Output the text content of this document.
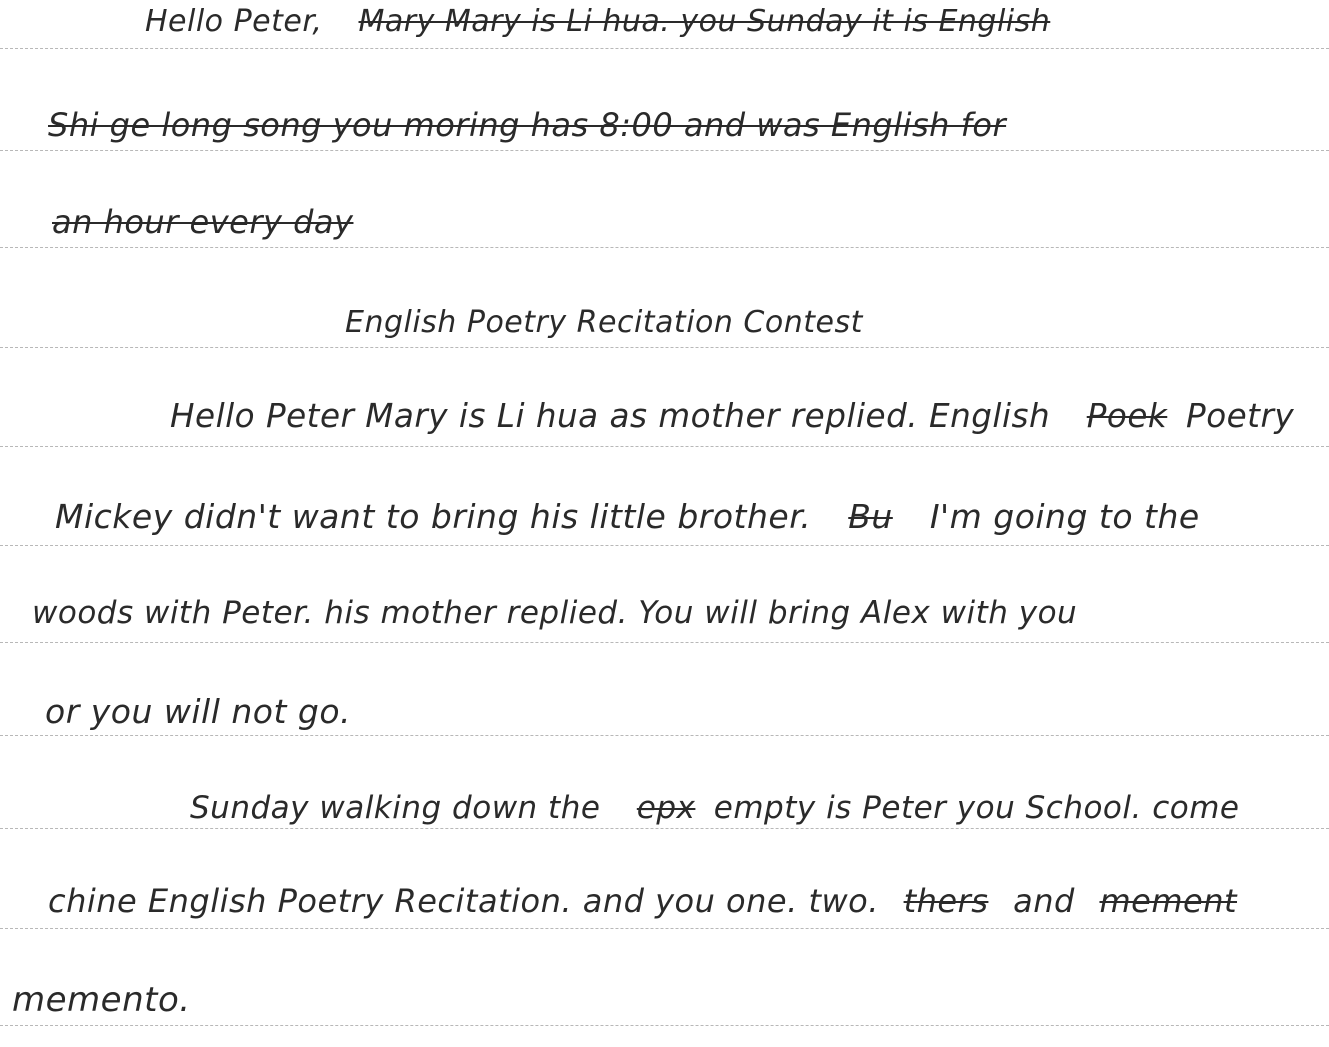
Hello Peter, Mary Mary is Li hua. you Sunday it is English
Shi ge long song you moring has 8:00 and was English for
an hour every day
English Poetry Recitation Contest
Hello Peter Mary is Li hua as mother replied. English Poek Poetry
Mickey didn't want to bring his little brother. Bu I'm going to the
woods with Peter. his mother replied. You will bring Alex with you
or you will not go.
Sunday walking down the epx empty is Peter you School. come
chine English Poetry Recitation. and you one. two. thers and mement
memento.
